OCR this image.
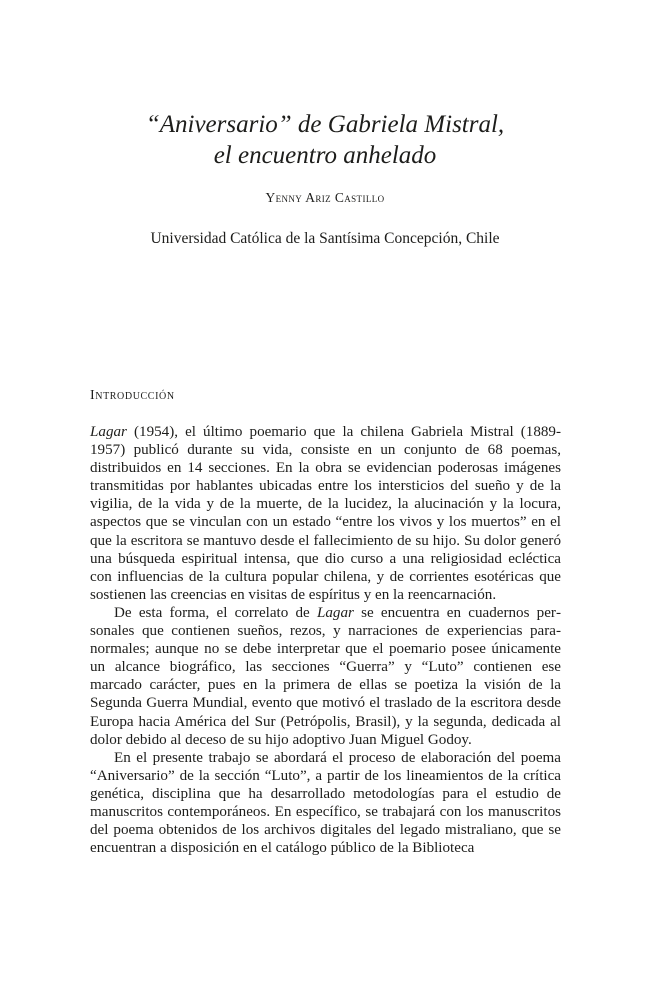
“Aniversario” de Gabriela Mistral,
el encuentro anhelado
Yenny Ariz Castillo
Universidad Católica de la Santísima Concepción, Chile
Introducción

Lagar (1954), el último poemario que la chilena Gabriela Mistral (1889-1957) publicó durante su vida, consiste en un conjunto de 68 poemas, distribuidos en 14 secciones. En la obra se evidencian poderosas imágenes transmitidas por hablantes ubicadas entre los intersticios del sueño y de la vigilia, de la vida y de la muerte, de la lucidez, la alucinación y la locura, aspectos que se vinculan con un estado “entre los vivos y los muertos” en el que la escritora se mantuvo desde el fallecimiento de su hijo. Su dolor generó una búsqueda espiritual intensa, que dio curso a una religiosidad ecléctica con influencias de la cultura popular chilena, y de corrientes esotéricas que sostienen las creencias en visitas de espíritus y en la reencarnación.

De esta forma, el correlato de Lagar se encuentra en cuadernos personales que contienen sueños, rezos, y narraciones de experiencias paranormales; aunque no se debe interpretar que el poemario posee únicamente un alcance biográfico, las secciones “Guerra” y “Luto” contienen ese marcado carácter, pues en la primera de ellas se poetiza la visión de la Segunda Guerra Mundial, evento que motivó el traslado de la escritora desde Europa hacia América del Sur (Petrópolis, Brasil), y la segunda, dedicada al dolor debido al deceso de su hijo adoptivo Juan Miguel Godoy.

En el presente trabajo se abordará el proceso de elaboración del poema “Aniversario” de la sección “Luto”, a partir de los lineamientos de la crítica genética, disciplina que ha desarrollado metodologías para el estudio de manuscritos contemporáneos. En específico, se trabajará con los manuscritos del poema obtenidos de los archivos digitales del legado mistraliano, que se encuentran a disposición en el catálogo público de la Biblioteca
